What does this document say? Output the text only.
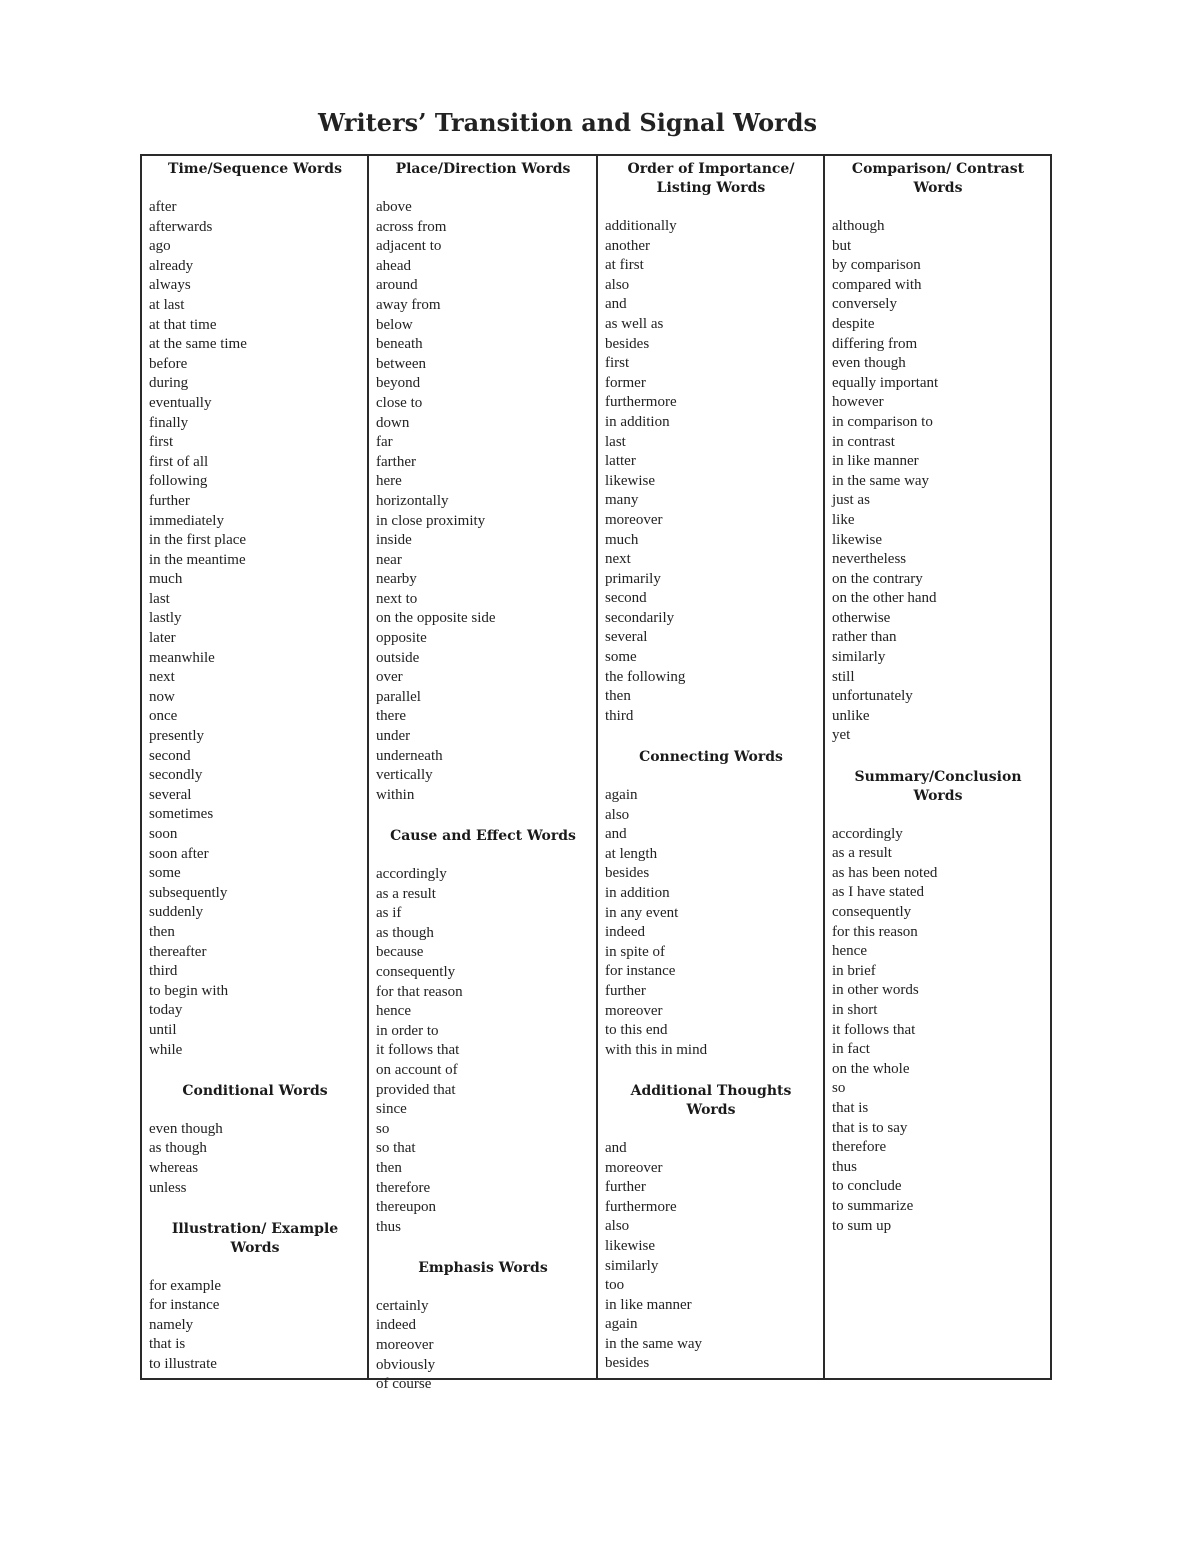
Writers’ Transition and Signal Words
Time/Sequence Words
after
afterwards
ago
already
always
at last
at that time
at the same time
before
during
eventually
finally
first
first of all
following
further
immediately
in the first place
in the meantime
much
last
lastly
later
meanwhile
next
now
once
presently
second
secondly
several
sometimes
soon
soon after
some
subsequently
suddenly
then
thereafter
third
to begin with
today
until
while
Conditional Words
even though
as though
whereas
unless
Illustration/ Example Words
for example
for instance
namely
that is
to illustrate
Place/Direction Words
above
across from
adjacent to
ahead
around
away from
below
beneath
between
beyond
close to
down
far
farther
here
horizontally
in close proximity
inside
near
nearby
next to
on the opposite side
opposite
outside
over
parallel
there
under
underneath
vertically
within
Cause and Effect Words
accordingly
as a result
as if
as though
because
consequently
for that reason
hence
in order to
it follows that
on account of
provided that
since
so
so that
then
therefore
thereupon
thus
Emphasis Words
certainly
indeed
moreover
obviously
of course
Order of Importance/ Listing Words
additionally
another
at first
also
and
as well as
besides
first
former
furthermore
in addition
last
latter
likewise
many
moreover
much
next
primarily
second
secondarily
several
some
the following
then
third
Connecting Words
again
also
and
at length
besides
in addition
in any event
indeed
in spite of
for instance
further
moreover
to this end
with this in mind
Additional Thoughts Words
and
moreover
further
furthermore
also
likewise
similarly
too
in like manner
again
in the same way
besides
Comparison/ Contrast Words
although
but
by comparison
compared with
conversely
despite
differing from
even though
equally important
however
in comparison to
in contrast
in like manner
in the same way
just as
like
likewise
nevertheless
on the contrary
on the other hand
otherwise
rather than
similarly
still
unfortunately
unlike
yet
Summary/Conclusion Words
accordingly
as a result
as has been noted
as I have stated
consequently
for this reason
hence
in brief
in other words
in short
it follows that
in fact
on the whole
so
that is
that is to say
therefore
thus
to conclude
to summarize
to sum up
